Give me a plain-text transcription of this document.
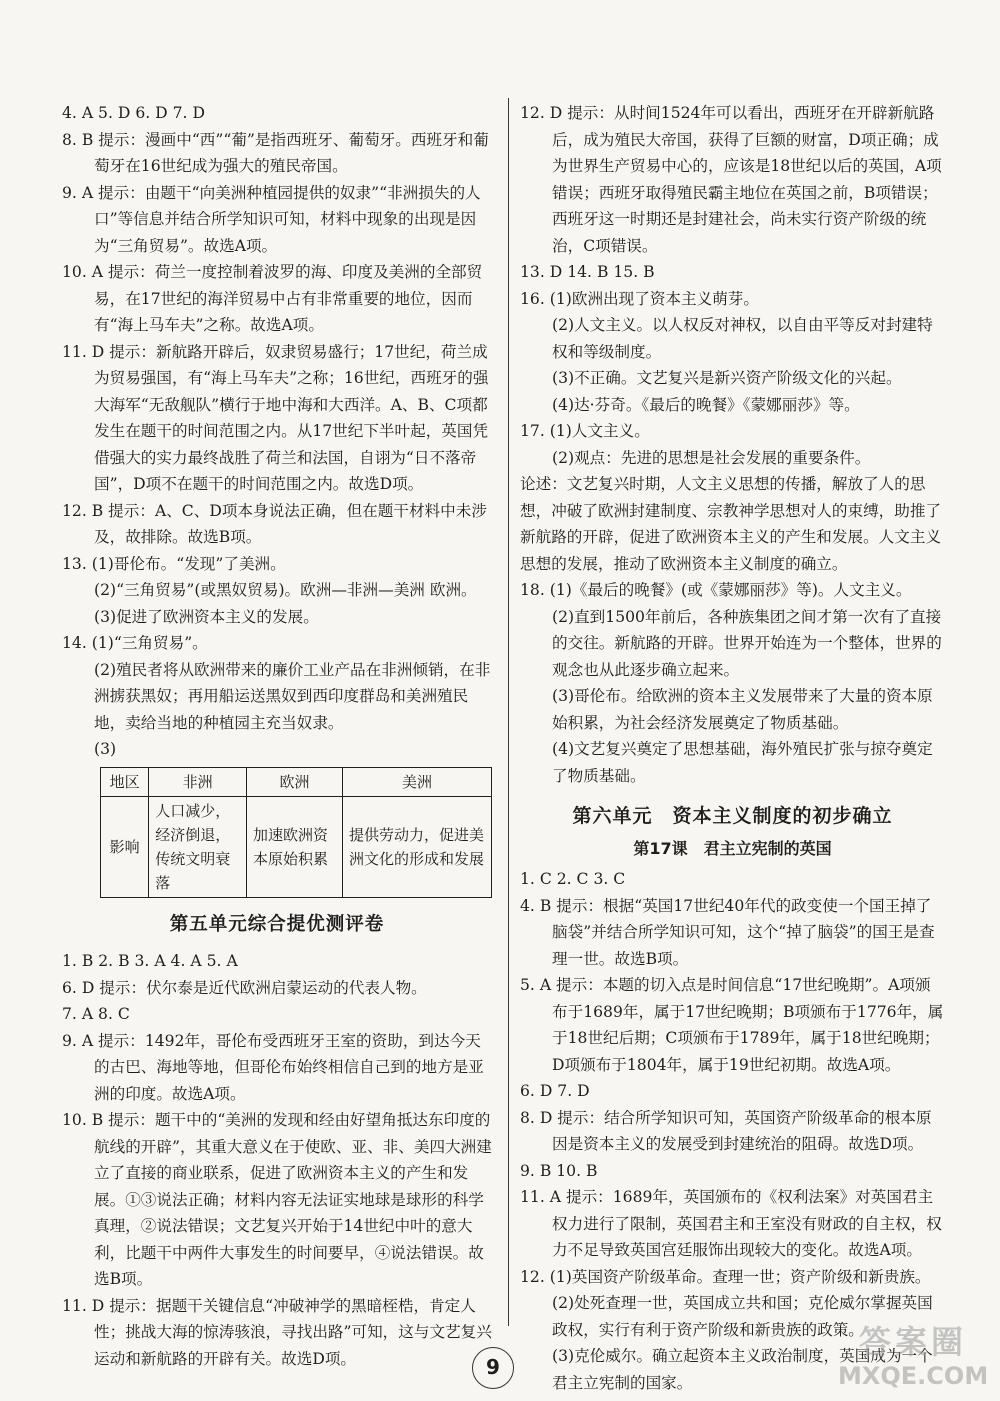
4. A 5. D 6. D 7. D

8. B 提示：漫画中“西”“葡”是指西班牙、葡萄牙。西班牙和葡萄牙在16世纪成为强大的殖民帝国。

9. A 提示：由题干“向美洲种植园提供的奴隶”“非洲损失的人口”等信息并结合所学知识可知，材料中现象的出现是因为“三角贸易”。故选A项。

10. A 提示：荷兰一度控制着波罗的海、印度及美洲的全部贸易，在17世纪的海洋贸易中占有非常重要的地位，因而有“海上马车夫”之称。故选A项。

11. D 提示：新航路开辟后，奴隶贸易盛行；17世纪，荷兰成为贸易强国，有“海上马车夫”之称；16世纪，西班牙的强大海军“无敌舰队”横行于地中海和大西洋。A、B、C项都发生在题干的时间范围之内。从17世纪下半叶起，英国凭借强大的实力最终战胜了荷兰和法国，自诩为“日不落帝国”，D项不在题干的时间范围之内。故选D项。

12. B 提示：A、C、D项本身说法正确，但在题干材料中未涉及，故排除。故选B项。

13. (1)哥伦布。“发现”了美洲。

(2)“三角贸易”(或黑奴贸易)。欧洲—非洲—美洲 欧洲。

(3)促进了欧洲资本主义的发展。

14. (1)“三角贸易”。

(2)殖民者将从欧洲带来的廉价工业产品在非洲倾销，在非洲掳获黑奴；再用船运送黑奴到西印度群岛和美洲殖民地，卖给当地的种植园主充当奴隶。

(3)

地区	非洲	欧洲	美洲
影响	人口减少，经济倒退，传统文明衰落	加速欧洲资本原始积累	提供劳动力，促进美洲文化的形成和发展
第五单元综合提优测评卷

1. B 2. B 3. A 4. A 5. A

6. D 提示：伏尔泰是近代欧洲启蒙运动的代表人物。

7. A 8. C

9. A 提示：1492年，哥伦布受西班牙王室的资助，到达今天的古巴、海地等地，但哥伦布始终相信自己到的地方是亚洲的印度。故选A项。

10. B 提示：题干中的“美洲的发现和经由好望角抵达东印度的航线的开辟”，其重大意义在于使欧、亚、非、美四大洲建立了直接的商业联系，促进了欧洲资本主义的产生和发展。①③说法正确；材料内容无法证实地球是球形的科学真理，②说法错误；文艺复兴开始于14世纪中叶的意大利，比题干中两件大事发生的时间要早，④说法错误。故选B项。

11. D 提示：据题干关键信息“冲破神学的黑暗桎梏，肯定人性；挑战大海的惊涛骇浪，寻找出路”可知，这与文艺复兴运动和新航路的开辟有关。故选D项。

12. D 提示：从时间1524年可以看出，西班牙在开辟新航路后，成为殖民大帝国，获得了巨额的财富，D项正确；成为世界生产贸易中心的，应该是18世纪以后的英国，A项错误；西班牙取得殖民霸主地位在英国之前，B项错误；西班牙这一时期还是封建社会，尚未实行资产阶级的统治，C项错误。

13. D 14. B 15. B

16. (1)欧洲出现了资本主义萌芽。

(2)人文主义。以人权反对神权，以自由平等反对封建特权和等级制度。

(3)不正确。文艺复兴是新兴资产阶级文化的兴起。

(4)达·芬奇。《最后的晚餐》《蒙娜丽莎》等。

17. (1)人文主义。

(2)观点：先进的思想是社会发展的重要条件。

论述：文艺复兴时期，人文主义思想的传播，解放了人的思想，冲破了欧洲封建制度、宗教神学思想对人的束缚，助推了新航路的开辟，促进了欧洲资本主义的产生和发展。人文主义思想的发展，推动了欧洲资本主义制度的确立。

18. (1)《最后的晚餐》(或《蒙娜丽莎》等)。人文主义。

(2)直到1500年前后，各种族集团之间才第一次有了直接的交往。新航路的开辟。世界开始连为一个整体，世界的观念也从此逐步确立起来。

(3)哥伦布。给欧洲的资本主义发展带来了大量的资本原始积累，为社会经济发展奠定了物质基础。

(4)文艺复兴奠定了思想基础，海外殖民扩张与掠夺奠定了物质基础。

第六单元　资本主义制度的初步确立
第17课　君主立宪制的英国

1. C 2. C 3. C

4. B 提示：根据“英国17世纪40年代的政变使一个国王掉了脑袋”并结合所学知识可知，这个“掉了脑袋”的国王是查理一世。故选B项。

5. A 提示：本题的切入点是时间信息“17世纪晚期”。A项颁布于1689年，属于17世纪晚期；B项颁布于1776年，属于18世纪后期；C项颁布于1789年，属于18世纪晚期；D项颁布于1804年，属于19世纪初期。故选A项。

6. D 7. D

8. D 提示：结合所学知识可知，英国资产阶级革命的根本原因是资本主义的发展受到封建统治的阻碍。故选D项。

9. B 10. B

11. A 提示：1689年，英国颁布的《权利法案》对英国君主权力进行了限制，英国君主和王室没有财政的自主权，权力不足导致英国宫廷服饰出现较大的变化。故选A项。

12. (1)英国资产阶级革命。查理一世；资产阶级和新贵族。

(2)处死查理一世，英国成立共和国；克伦威尔掌握英国政权，实行有利于资产阶级和新贵族的政策。

(3)克伦威尔。确立起资本主义政治制度，英国成为一个君主立宪制的国家。

9
答案圈
MXQE.COM
